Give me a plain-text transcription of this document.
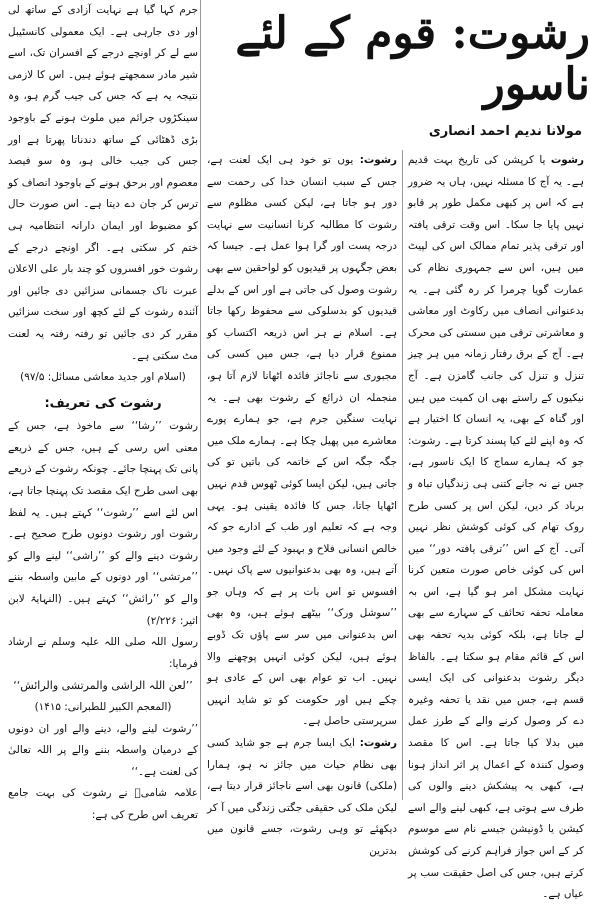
رشوت: قوم کے لئے ناسور
مولانا ندیم احمد انصاری

رشوت یا کرپشن کی تاریخ بہت قدیم ہے۔ یہ آج کا مسئلہ نہیں، ہاں یہ ضرور ہے کہ اس پر کبھی مکمل طور پر قابو نہیں پایا جا سکا۔ اس وقت ترقی یافتہ اور ترقی پذیر تمام ممالک اس کی لپیٹ میں ہیں، اس سے جمہوری نظام کی عمارت گویا چرمرا کر رہ گئی ہے۔ یہ بدعنوانی انصاف میں رکاوٹ اور معاشی و معاشرتی ترقی میں سستی کی محرک ہے۔ آج کے برق رفتار زمانہ میں ہر چیز تنزل و تنزل کی جانب گامزن ہے۔ آج نیکیوں کے راستے بھی ان کمیت میں ہیں اور گناہ کے بھی، یہ انسان کا اختیار ہے کہ وہ اپنے لئے کیا پسند کرتا ہے۔ رشوت: جو کہ ہمارے سماج کا ایک ناسور ہے، جس نے نہ جانے کتنی ہی زندگیاں تباہ و برباد کر دیں، لیکن اس پر کسی طرح روک تھام کی کوئی کوشش نظر نہیں آتی۔ آج کے اس ’’ترقی یافتہ دور‘‘ میں اس کی کوئی خاص صورت متعین کرنا نہایت مشکل امر ہو گیا ہے، اس بہ معاملہ تحفہ تحائف کے سہارے سے بھی لے جاتا ہے، بلکہ کوئی بدیہ تحفہ بھی اس کے قائم مقام ہو سکتا ہے۔ بالفاظ دیگر رشوت بدعنوانی کی ایک ایسی قسم ہے، جس میں نقد یا تحفہ وغیرہ دے کر وصول کرنے والے کے طرز عمل میں بدلا کیا جاتا ہے۔ اس کا مقصد وصول کنندہ کے اعمال پر اثر انداز ہونا ہے، کبھی یہ پیشکش دینے والوں کی طرف سے ہوتی ہے، کبھی لینے والے اسے کیشن یا ڈونیشن جیسے نام سے موسوم کر کے اس جواز فراہم کرنے کی کوشش کرتے ہیں، جس کی اصل حقیقت سب پر عیاں ہے۔

رشوت: یوں تو خود ہی ایک لعنت ہے، جس کے سبب انسان خدا کی رحمت سے دور ہو جاتا ہے، لیکن کسی مظلوم سے رشوت کا مطالبہ کرنا انسانیت سے نہایت درجہ پست اور گرا ہوا عمل ہے۔ جیسا کہ بعض جگہوں پر قیدیوں کو لواحقین سے بھی رشوت وصول کی جاتی ہے اور اس کے بدلے قیدیوں کو بدسلوکی سے محفوظ رکھا جاتا ہے۔ اسلام نے ہر اس ذریعہ اکتساب کو ممنوع قرار دیا ہے، جس میں کسی کی مجبوری سے ناجائز فائدہ اٹھانا لازم آتا ہو، منجملہ ان ذرائع کے رشوت بھی ہے۔ یہ نہایت سنگین جرم ہے، جو ہمارے پورے معاشرے میں پھیل چکا ہے۔ ہمارے ملک میں جگہ جگہ اس کے خاتمہ کی باتیں تو کی جاتی ہیں، لیکن ایسا کوئی ٹھوس قدم نہیں اٹھایا جاتا، جس کا فائدہ یقینی ہو۔ یہی وجہ ہے کہ تعلیم اور طب کے ادارے جو کہ خالص انسانی فلاح و بہبود کے لئے وجود میں آتے ہیں، وہ بھی بدعنوانیوں سے پاک نہیں۔ افسوس تو اس بات پر ہے کہ وہاں جو ’’سوشل ورک‘‘ بیٹھے ہوئے ہیں، وہ بھی اس بدعنوانی میں سر سے پاؤں تک ڈوبے ہوئے ہیں، لیکن کوئی انہیں پوچھنے والا نہیں۔ اب تو عوام بھی اس کے عادی ہو چکے ہیں اور حکومت کو تو شاید انہیں سرپرستی حاصل ہے۔

رشوت: ایک ایسا جرم ہے جو شاید کسی بھی نظام حیات میں جائز نہ ہو، ہمارا (ملکی) قانون بھی اسے ناجائز قرار دیتا ہے، لیکن ملک کی حقیقی جگتی زندگی میں آ کر دیکھئے تو وہی رشوت، جسے قانون میں بدترین

جرم کہا گیا ہے نہایت آزادی کے ساتھ لی اور دی جارہی ہے۔ ایک معمولی کانسٹیبل سے لے کر اونچے درجے کے افسران تک، اسے شیر مادر سمجھتے ہوئے ہیں۔ اس کا لازمی نتیجہ یہ ہے کہ جس کی جیب گرم ہو، وہ سینکڑوں جرائم میں ملوث ہونے کے باوجود بڑی ڈھٹائی کے ساتھ دندناتا پھرتا ہے اور جس کی جیب خالی ہو، وہ سو فیصد معصوم اور برحق ہونے کے باوجود انصاف کو ترس کر جان دے دیتا ہے۔ اس صورت حال کو مضبوط اور ایمان دارانہ انتظامیہ ہی ختم کر سکتی ہے۔ اگر اونچے درجے کے رشوت خور افسروں کو چند بار علی الاعلان عبرت ناک جسمانی سزائیں دی جائیں اور آئندہ رشوت کے لئے کچھ اور سخت سزائیں مقرر کر دی جائیں تو رفتہ رفتہ یہ لعنت مٹ سکتی ہے۔

(اسلام اور جدید معاشی مسائل: ۹۷/۵)

رشوت کی تعریف:

رشوت ’’رشا‘‘ سے ماخوذ ہے، جس کے معنی اس رسی کے ہیں، جس کے ذریعے پانی تک پہنچا جائے۔ چونکہ رشوت کے ذریعے بھی اسی طرح ایک مقصد تک پہنچا جاتا ہے، اس لئے اسے ’’رشوت‘‘ کہتے ہیں۔ یہ لفظ رشوت اور رشوت دونوں طرح صحیح ہے۔ رشوت دینے والے کو ’’راشی‘‘ لینے والے کو ’’مرتشی‘‘ اور دونوں کے مابین واسطہ بننے والے کو ’’رائش‘‘ کہتے ہیں۔ (النہایۃ لابن اثیر: ۲/۲۲۶)

رسول اللہ صلی اللہ علیہ وسلم نے ارشاد فرمایا:

’’لعن اللہ الراشی والمرتشی والرائش‘‘

(المعجم الکبیر للطبرانی: ۱۴۱۵)

’’رشوت لینے والے، دینے والے اور ان دونوں کے درمیان واسطہ بننے والے پر اللہ تعالیٰ کی لعنت ہے۔‘‘

علامہ شامیؒ نے رشوت کی بہت جامع تعریف اس طرح کی ہے:
